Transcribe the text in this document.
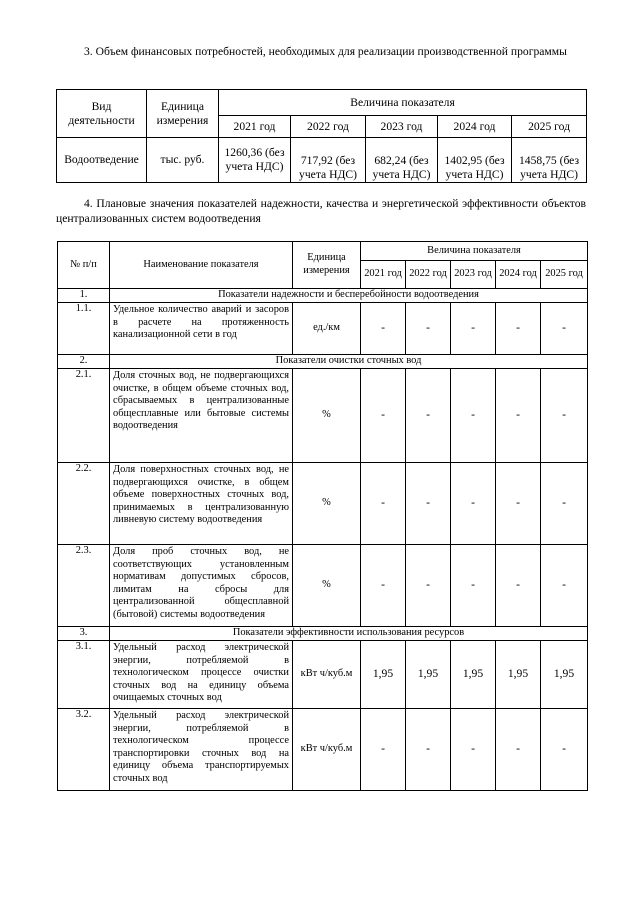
3. Объем финансовых потребностей, необходимых для реализации производственной программы

Вид деятельности	Единица измерения	Величина показателя				
		2021 год	2022 год	2023 год	2024 год	2025 год
Водоотведение	тыс. руб.	1260,36 (без учета НДС)	717,92 (без учета НДС)	682,24 (без учета НДС)	1402,95 (без учета НДС)	1458,75 (без учета НДС)

4. Плановые значения показателей надежности, качества и энергетической эффективности объектов централизованных систем водоотведения

№ п/п	Наименование показателя	Единица измерения	Величина показателя				
			2021 год	2022 год	2023 год	2024 год	2025 год
1.	Показатели надежности и бесперебойности водоотведения						
1.1.	Удельное количество аварий и засоров в расчете на протяженность канализационной сети в год	ед./км	-	-	-	-	-
2.	Показатели очистки сточных вод						
2.1.	Доля сточных вод, не подвергающихся очистке, в общем объеме сточных вод, сбрасываемых в централизованные общесплавные или бытовые системы водоотведения	%	-	-	-	-	-
2.2.	Доля поверхностных сточных вод, не подвергающихся очистке, в общем объеме поверхностных сточных вод, принимаемых в централизованную ливневую систему водоотведения	%	-	-	-	-	-
2.3.	Доля проб сточных вод, не соответствующих установленным нормативам допустимых сбросов, лимитам на сбросы для централизованной общесплавной (бытовой) системы водоотведения	%	-	-	-	-	-
3.	Показатели эффективности использования ресурсов						
3.1.	Удельный расход электрической энергии, потребляемой в технологическом процессе очистки сточных вод на единицу объема очищаемых сточных вод	кВт ч/куб.м	1,95	1,95	1,95	1,95	1,95
3.2.	Удельный расход электрической энергии, потребляемой в технологическом процессе транспортировки сточных вод на единицу объема транспортируемых сточных вод	кВт ч/куб.м	-	-	-	-	-
